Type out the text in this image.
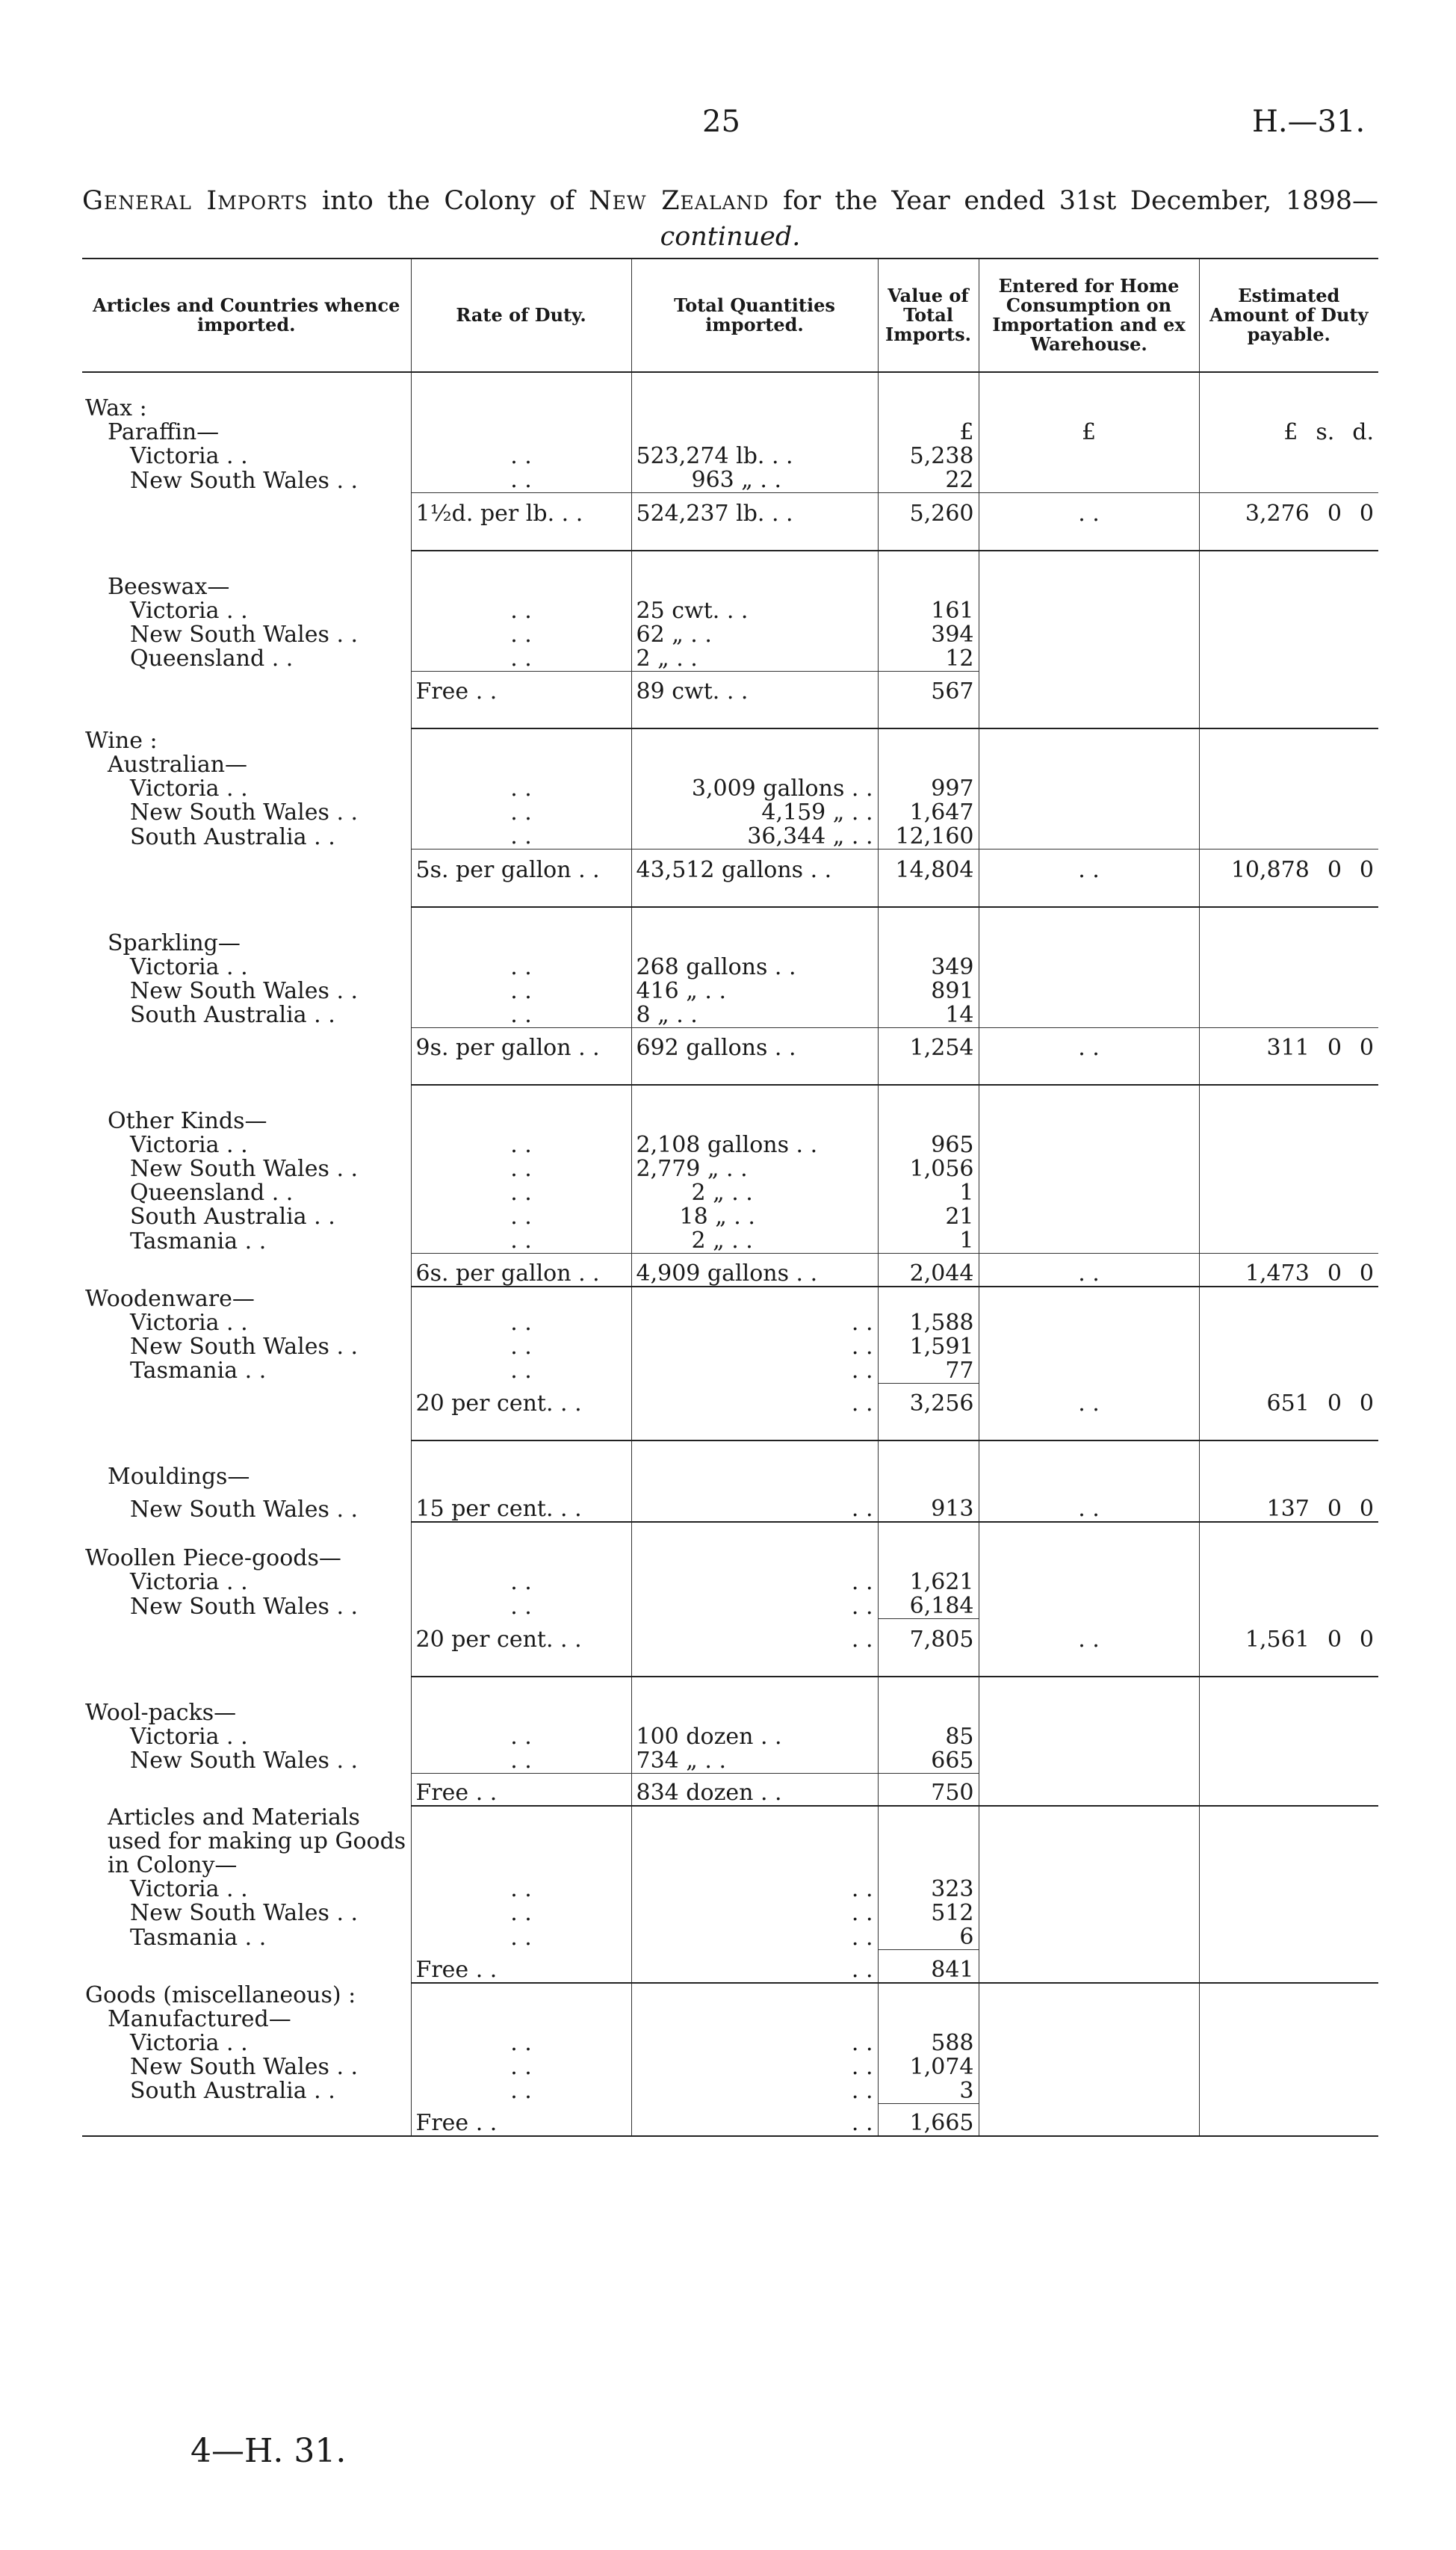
25	H.—31.
General Imports into the Colony of New Zealand for the Year ended 31st December, 1898—continued.
Articles and Countries whence imported.	Rate of Duty.	Total Quantities imported.	Value of Total Imports.	Entered for Home Consumption on Importation and ex Warehouse.	Estimated Amount of Duty payable.

Wax :					
Paraffin—			£	£	£ s. d.

Victoria . .	. .	523,274 lb. . .	5,238		
New South Wales . .	. .	963 „ . .	22		
	1½d. per lb. . .	524,237 lb. . .	5,260	. .	3,276 0 0

Beeswax—					
Victoria . .	. .	25 cwt. . .	161		
New South Wales . .	. .	62 „ . .	394		
Queensland . .	. .	2 „ . .	12		
	Free . .	89 cwt. . .	567		

Wine :					
Australian—					
Victoria . .	. .	3,009 gallons . .	997		
New South Wales . .	. .	4,159 „ . .	1,647		
South Australia . .	. .	36,344 „ . .	12,160		
	5s. per gallon . .	43,512 gallons . .	14,804	. .	10,878 0 0

Sparkling—					
Victoria . .	. .	268 gallons . .	349		
New South Wales . .	. .	416 „ . .	891		
South Australia . .	. .	8 „ . .	14		
	9s. per gallon . .	692 gallons . .	1,254	. .	311 0 0

Other Kinds—					
Victoria . .	. .	2,108 gallons . .	965		
New South Wales . .	. .	2,779 „ . .	1,056		
Queensland . .	. .	2 „ . .	1		
South Australia . .	. .	18 „ . .	21		
Tasmania . .	. .	2 „ . .	1		
	6s. per gallon . .	4,909 gallons . .	2,044	. .	1,473 0 0

Woodenware—					
Victoria . .	. .	. .	1,588		
New South Wales . .	. .	. .	1,591		
Tasmania . .	. .	. .	77		
	20 per cent. . .	. .	3,256	. .	651 0 0

Mouldings—					
New South Wales . .	15 per cent. . .	. .	913	. .	137 0 0

Woollen Piece-goods—					
Victoria . .	. .	. .	1,621		
New South Wales . .	. .	. .	6,184		
	20 per cent. . .	. .	7,805	. .	1,561 0 0

Wool-packs—					
Victoria . .	. .	100 dozen . .	85		
New South Wales . .	. .	734 „ . .	665		
	Free . .	834 dozen . .	750		
Articles and Materials used for making up Goods in Colony—					
Victoria . .	. .	. .	323		
New South Wales . .	. .	. .	512		
Tasmania . .	. .	. .	6		
	Free . .	. .	841		
Goods (miscellaneous) :					
Manufactured—					
Victoria . .	. .	. .	588		
New South Wales . .	. .	. .	1,074		
South Australia . .	. .	. .	3		
	Free . .	. .	1,665		
4—H. 31.
